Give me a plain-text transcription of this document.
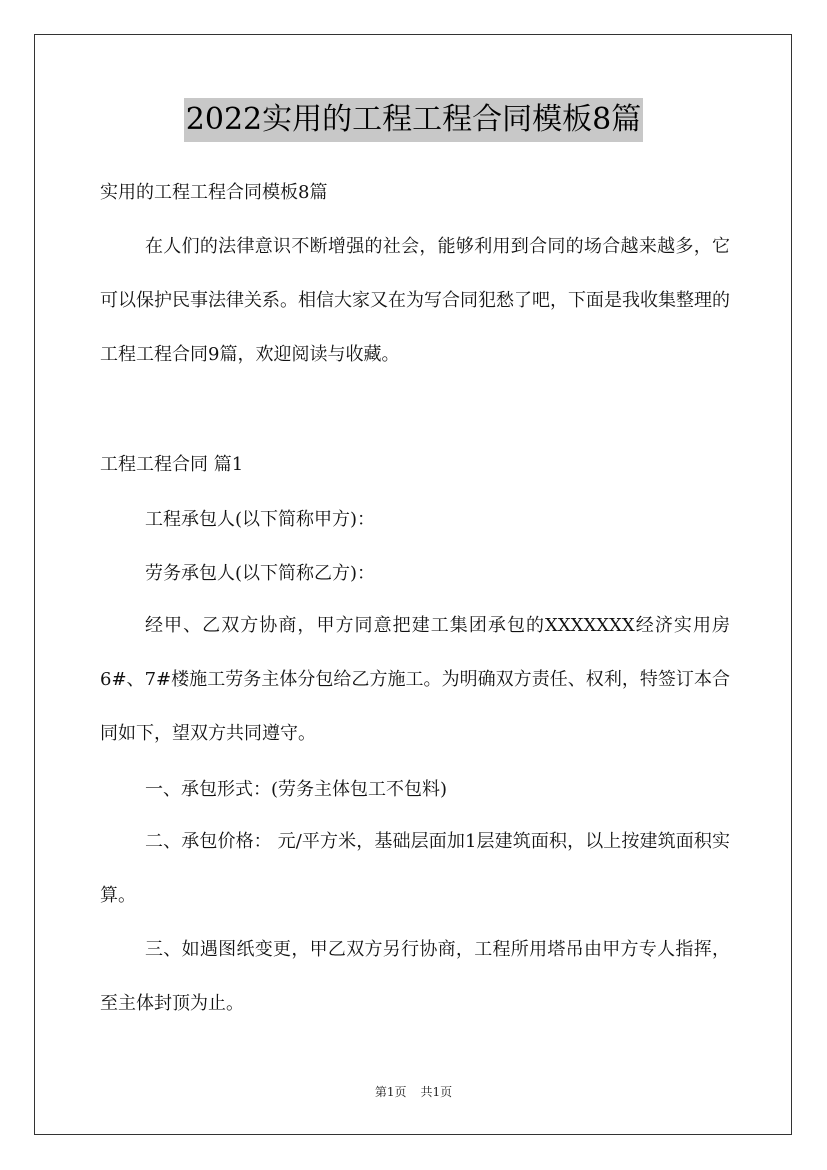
2022实用的工程工程合同模板8篇
实用的工程工程合同模板8篇
在人们的法律意识不断增强的社会，能够利用到合同的场合越来越多，它可以保护民事法律关系。相信大家又在为写合同犯愁了吧，下面是我收集整理的工程工程合同9篇，欢迎阅读与收藏。
工程工程合同 篇1
工程承包人(以下简称甲方)：
劳务承包人(以下简称乙方)：
经甲、乙双方协商，甲方同意把建工集团承包的XXXXXXX经济实用房6#、7#楼施工劳务主体分包给乙方施工。为明确双方责任、权利，特签订本合同如下，望双方共同遵守。
一、承包形式：(劳务主体包工不包料)
二、承包价格： 元/平方米，基础层面加1层建筑面积，以上按建筑面积实算。
三、如遇图纸变更，甲乙双方另行协商，工程所用塔吊由甲方专人指挥，至主体封顶为止。
第1页 共1页
